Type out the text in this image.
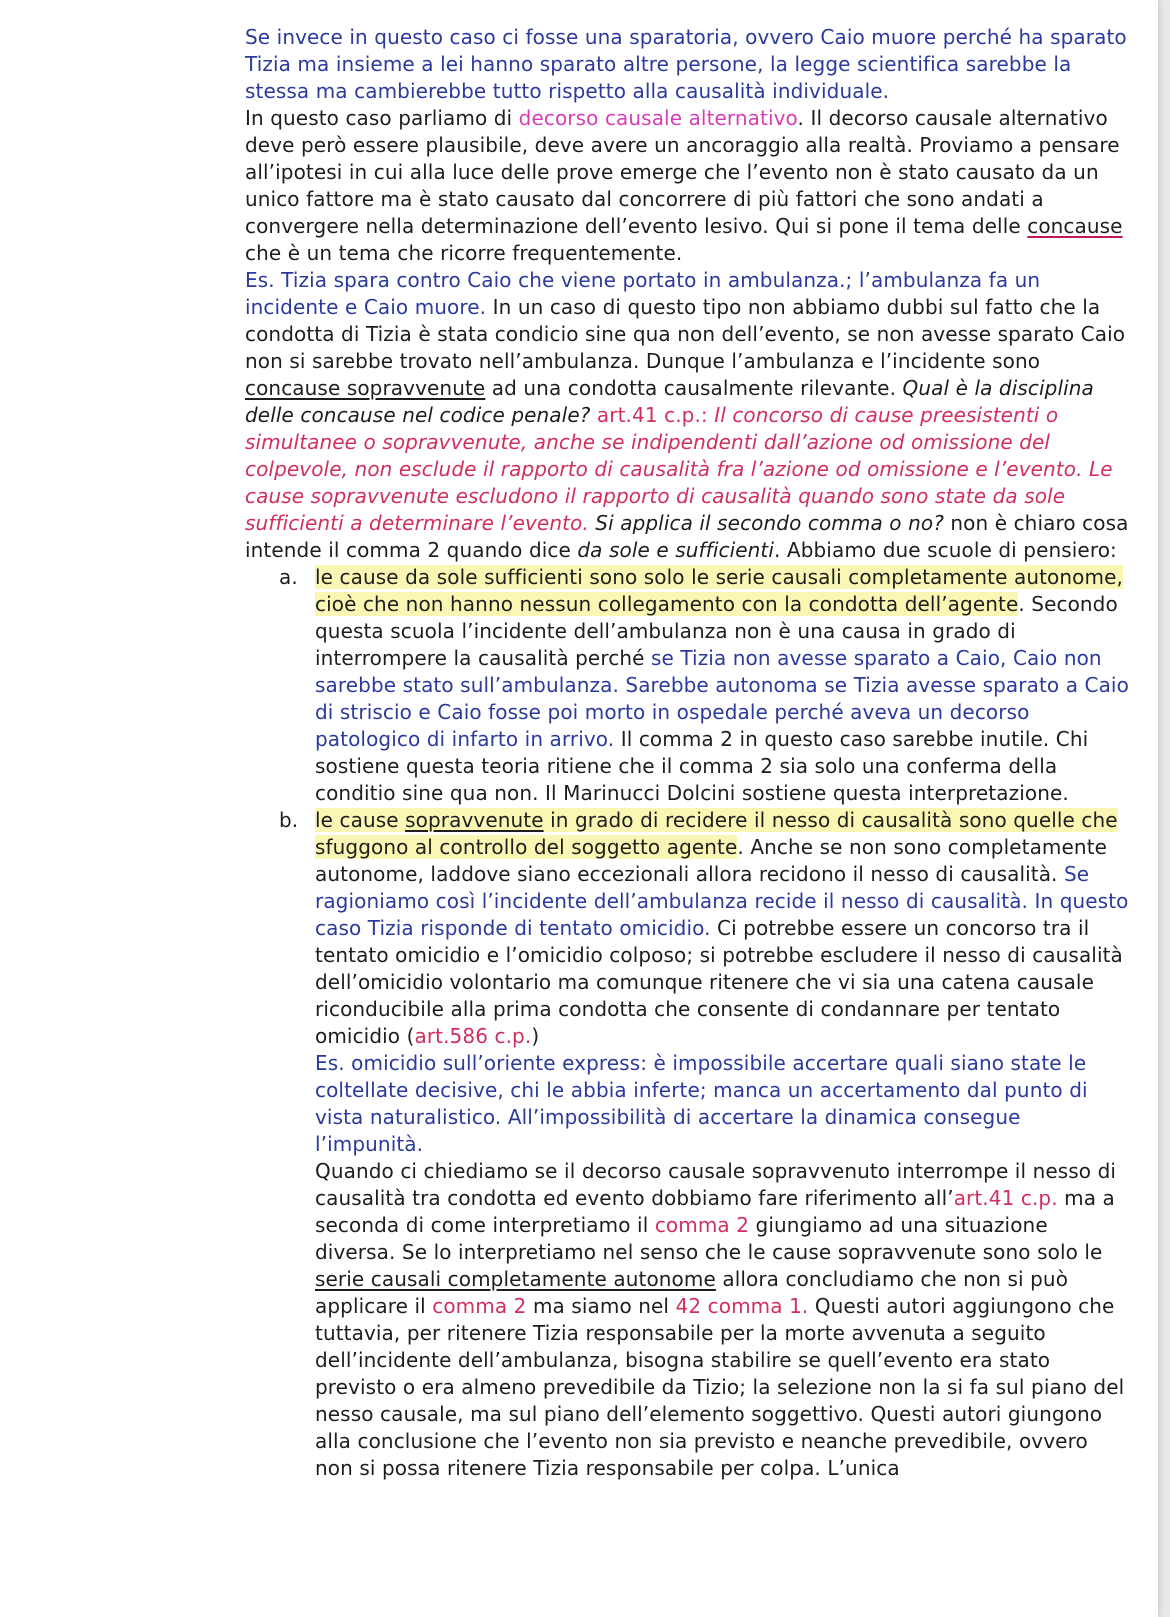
Se invece in questo caso ci fosse una sparatoria, ovvero Caio muore perché ha sparato Tizia ma insieme a lei hanno sparato altre persone, la legge scientifica sarebbe la stessa ma cambierebbe tutto rispetto alla causalità individuale.
In questo caso parliamo di decorso causale alternativo. Il decorso causale alternativo deve però essere plausibile, deve avere un ancoraggio alla realtà. Proviamo a pensare all’ipotesi in cui alla luce delle prove emerge che l’evento non è stato causato da un unico fattore ma è stato causato dal concorrere di più fattori che sono andati a convergere nella determinazione dell’evento lesivo. Qui si pone il tema delle concause che è un tema che ricorre frequentemente.
Es. Tizia spara contro Caio che viene portato in ambulanza.; l’ambulanza fa un incidente e Caio muore. In un caso di questo tipo non abbiamo dubbi sul fatto che la condotta di Tizia è stata condicio sine qua non dell’evento, se non avesse sparato Caio non si sarebbe trovato nell’ambulanza. Dunque l’ambulanza e l’incidente sono concause sopravvenute ad una condotta causalmente rilevante. Qual è la disciplina delle concause nel codice penale? art.41 c.p.: Il concorso di cause preesistenti o simultanee o sopravvenute, anche se indipendenti dall’azione od omissione del colpevole, non esclude il rapporto di causalità fra l’azione od omissione e l’evento. Le cause sopravvenute escludono il rapporto di causalità quando sono state da sole sufficienti a determinare l’evento. Si applica il secondo comma o no? non è chiaro cosa intende il comma 2 quando dice da sole e sufficienti. Abbiamo due scuole di pensiero:

a. le cause da sole sufficienti sono solo le serie causali completamente autonome, cioè che non hanno nessun collegamento con la condotta dell’agente. Secondo questa scuola l’incidente dell’ambulanza non è una causa in grado di interrompere la causalità perché se Tizia non avesse sparato a Caio, Caio non sarebbe stato sull’ambulanza. Sarebbe autonoma se Tizia avesse sparato a Caio di striscio e Caio fosse poi morto in ospedale perché aveva un decorso patologico di infarto in arrivo. Il comma 2 in questo caso sarebbe inutile. Chi sostiene questa teoria ritiene che il comma 2 sia solo una conferma della conditio sine qua non. Il Marinucci Dolcini sostiene questa interpretazione.
b. le cause sopravvenute in grado di recidere il nesso di causalità sono quelle che sfuggono al controllo del soggetto agente. Anche se non sono completamente autonome, laddove siano eccezionali allora recidono il nesso di causalità. Se ragioniamo così l’incidente dell’ambulanza recide il nesso di causalità. In questo caso Tizia risponde di tentato omicidio. Ci potrebbe essere un concorso tra il tentato omicidio e l’omicidio colposo; si potrebbe escludere il nesso di causalità dell’omicidio volontario ma comunque ritenere che vi sia una catena causale riconducibile alla prima condotta che consente di condannare per tentato omicidio (art.586 c.p.)
Es. omicidio sull’oriente express: è impossibile accertare quali siano state le coltellate decisive, chi le abbia inferte; manca un accertamento dal punto di vista naturalistico. All’impossibilità di accertare la dinamica consegue l’impunità.

Quando ci chiediamo se il decorso causale sopravvenuto interrompe il nesso di causalità tra condotta ed evento dobbiamo fare riferimento all’art.41 c.p. ma a seconda di come interpretiamo il comma 2 giungiamo ad una situazione diversa. Se lo interpretiamo nel senso che le cause sopravvenute sono solo le serie causali completamente autonome allora concludiamo che non si può applicare il comma 2 ma siamo nel 42 comma 1. Questi autori aggiungono che tuttavia, per ritenere Tizia responsabile per la morte avvenuta a seguito dell’incidente dell’ambulanza, bisogna stabilire se quell’evento era stato previsto o era almeno prevedibile da Tizio; la selezione non la si fa sul piano del nesso causale, ma sul piano dell’elemento soggettivo. Questi autori giungono alla conclusione che l’evento non sia previsto e neanche prevedibile, ovvero non si possa ritenere Tizia responsabile per colpa. L’unica
